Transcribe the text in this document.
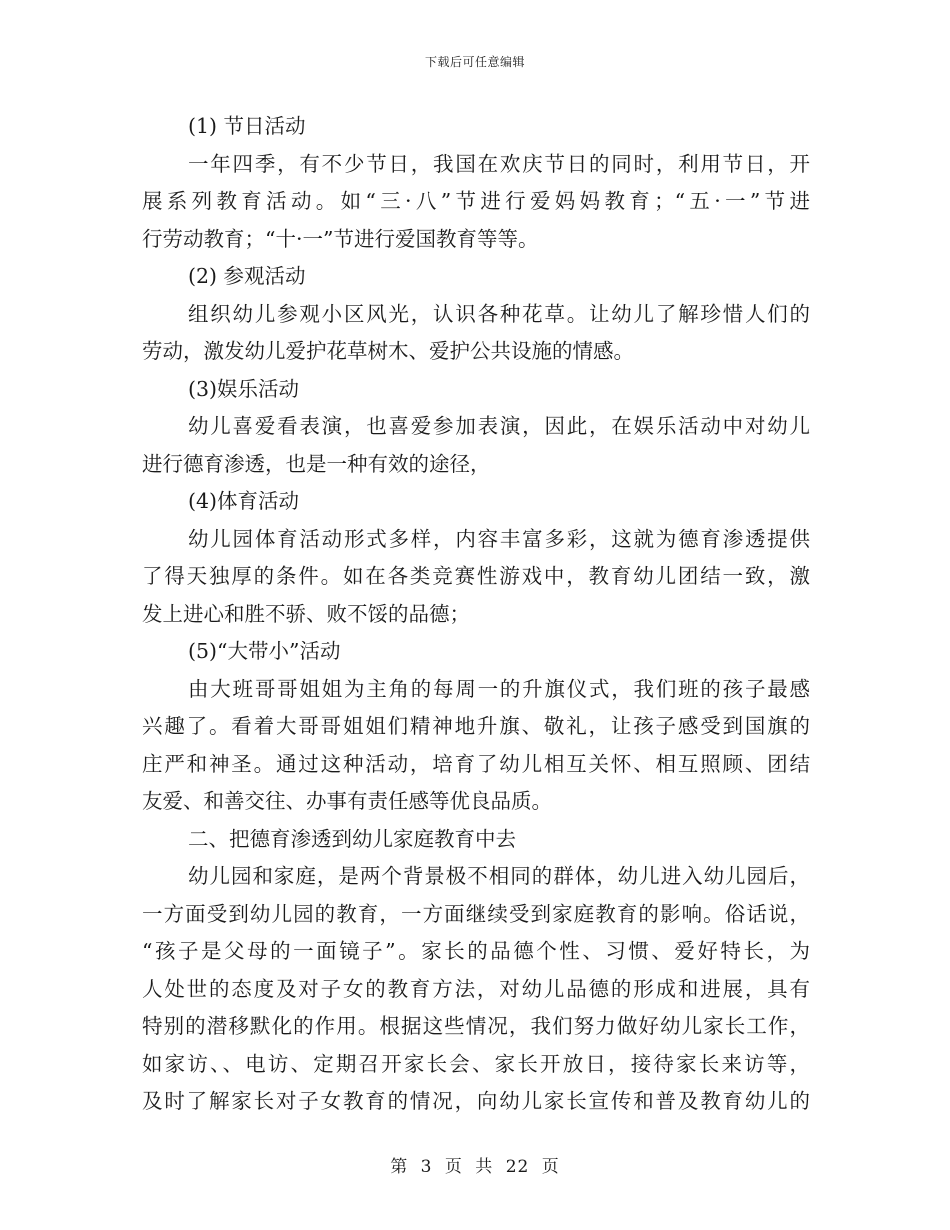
下载后可任意编辑
(1) 节日活动
一年四季，有不少节日，我国在欢庆节日的同时，利用节日，开
展系列教育活动。如“三·八”节进行爱妈妈教育；“五·一”节进
行劳动教育；“十·一”节进行爱国教育等等。
(2) 参观活动
组织幼儿参观小区风光，认识各种花草。让幼儿了解珍惜人们的
劳动，激发幼儿爱护花草树木、爱护公共设施的情感。
(3)娱乐活动
幼儿喜爱看表演，也喜爱参加表演，因此，在娱乐活动中对幼儿
进行德育渗透，也是一种有效的途径，
(4)体育活动
幼儿园体育活动形式多样，内容丰富多彩，这就为德育渗透提供
了得天独厚的条件。如在各类竞赛性游戏中，教育幼儿团结一致，激
发上进心和胜不骄、败不馁的品德；
(5)“大带小”活动
由大班哥哥姐姐为主角的每周一的升旗仪式，我们班的孩子最感
兴趣了。看着大哥哥姐姐们精神地升旗、敬礼，让孩子感受到国旗的
庄严和神圣。通过这种活动，培育了幼儿相互关怀、相互照顾、团结
友爱、和善交往、办事有责任感等优良品质。
二、把德育渗透到幼儿家庭教育中去
幼儿园和家庭，是两个背景极不相同的群体，幼儿进入幼儿园后，
一方面受到幼儿园的教育，一方面继续受到家庭教育的影响。俗话说，
“孩子是父母的一面镜子”。家长的品德个性、习惯、爱好特长，为
人处世的态度及对子女的教育方法，对幼儿品德的形成和进展，具有
特别的潜移默化的作用。根据这些情况，我们努力做好幼儿家长工作，
如家访、、电访、定期召开家长会、家长开放日，接待家长来访等，
及时了解家长对子女教育的情况，向幼儿家长宣传和普及教育幼儿的
第 3 页 共 22 页
